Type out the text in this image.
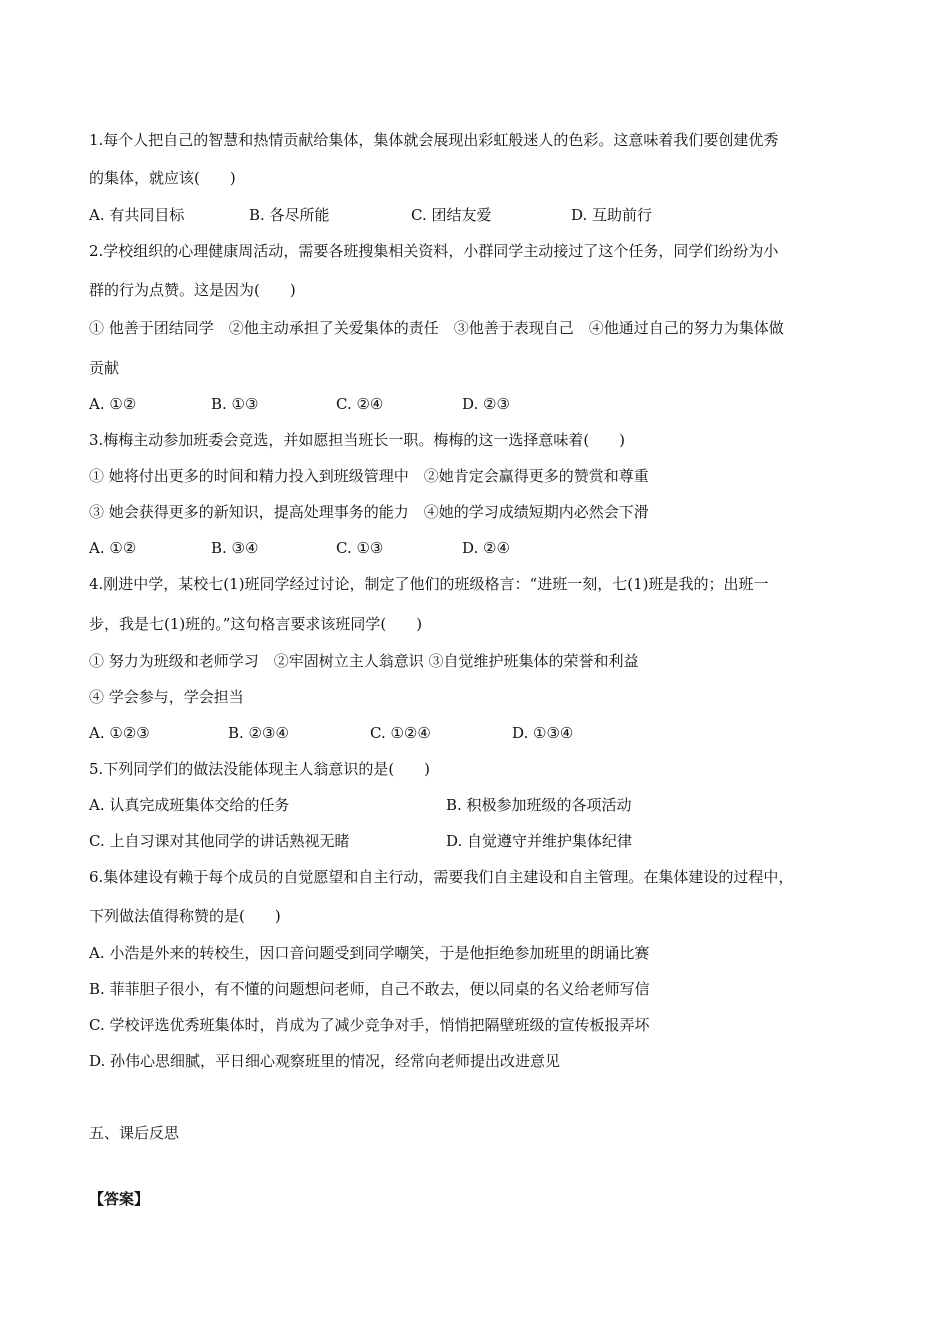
1.每个人把自己的智慧和热情贡献给集体，集体就会展现出彩虹般迷人的色彩。这意味着我们要创建优秀
的集体，就应该(　　)
A. 有共同目标	B. 各尽所能	C. 团结友爱	D. 互助前行
2.学校组织的心理健康周活动，需要各班搜集相关资料，小群同学主动接过了这个任务，同学们纷纷为小
群的行为点赞。这是因为(　　)
① 他善于团结同学　②他主动承担了关爱集体的责任　③他善于表现自己　④他通过自己的努力为集体做
贡献
A. ①②	B. ①③	C. ②④	D. ②③
3.梅梅主动参加班委会竞选，并如愿担当班长一职。梅梅的这一选择意味着(　　)
① 她将付出更多的时间和精力投入到班级管理中　②她肯定会赢得更多的赞赏和尊重
③ 她会获得更多的新知识，提高处理事务的能力　④她的学习成绩短期内必然会下滑
A. ①②	B. ③④	C. ①③	D. ②④
4.刚进中学，某校七(1)班同学经过讨论，制定了他们的班级格言：“进班一刻，七(1)班是我的；出班一
步，我是七(1)班的。”这句格言要求该班同学(　　)
① 努力为班级和老师学习　②牢固树立主人翁意识 ③自觉维护班集体的荣誉和利益
④ 学会参与，学会担当
A. ①②③	B. ②③④	C. ①②④	D. ①③④
5.下列同学们的做法没能体现主人翁意识的是(　　)
A. 认真完成班集体交给的任务	B. 积极参加班级的各项活动
C. 上自习课对其他同学的讲话熟视无睹	D. 自觉遵守并维护集体纪律
6.集体建设有赖于每个成员的自觉愿望和自主行动，需要我们自主建设和自主管理。在集体建设的过程中，
下列做法值得称赞的是(　　)
A. 小浩是外来的转校生，因口音问题受到同学嘲笑，于是他拒绝参加班里的朗诵比赛
B. 菲菲胆子很小，有不懂的问题想问老师，自己不敢去，便以同桌的名义给老师写信
C. 学校评选优秀班集体时，肖成为了减少竞争对手，悄悄把隔壁班级的宣传板报弄坏
D. 孙伟心思细腻，平日细心观察班里的情况，经常向老师提出改进意见
五、课后反思
【答案】
